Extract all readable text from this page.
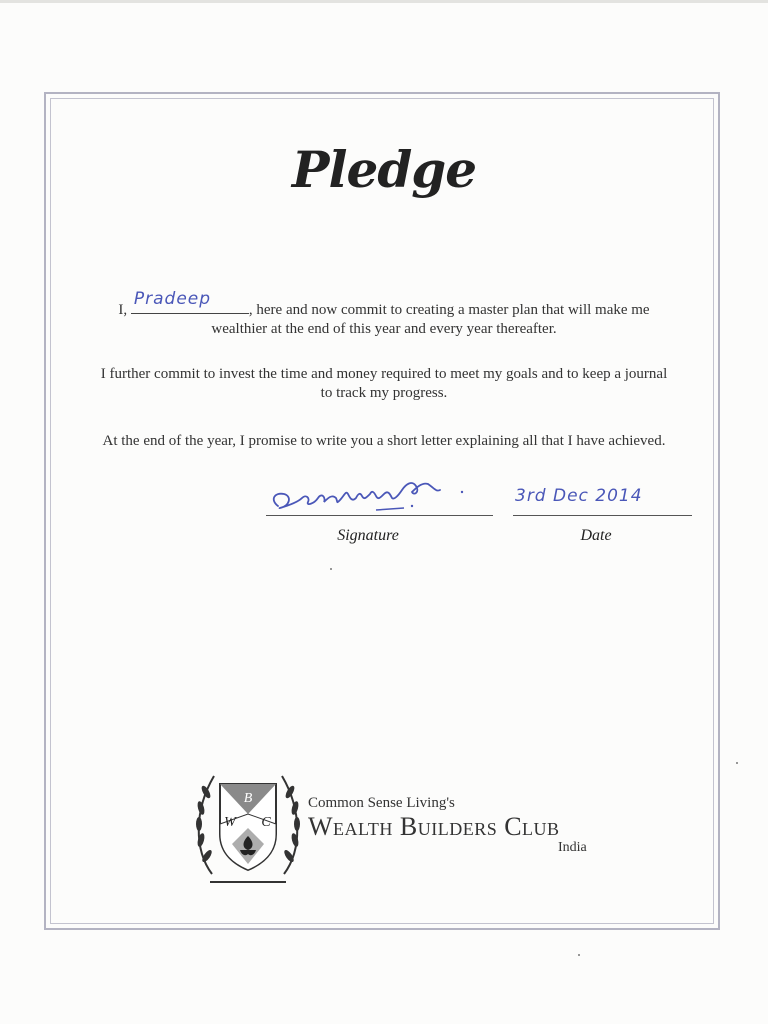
Pledge
I,
Pradeep
, here and now commit to creating a master plan that will make me wealthier at the end of this year and every year thereafter.
I further commit to invest the time and money required to meet my goals and to keep a journal to track my progress.
At the end of the year, I promise to write you a short letter explaining all that I have achieved.
3rd Dec 2014
Signature	Date
B
W C
Common Sense Living's
Wealth Builders Club
India
